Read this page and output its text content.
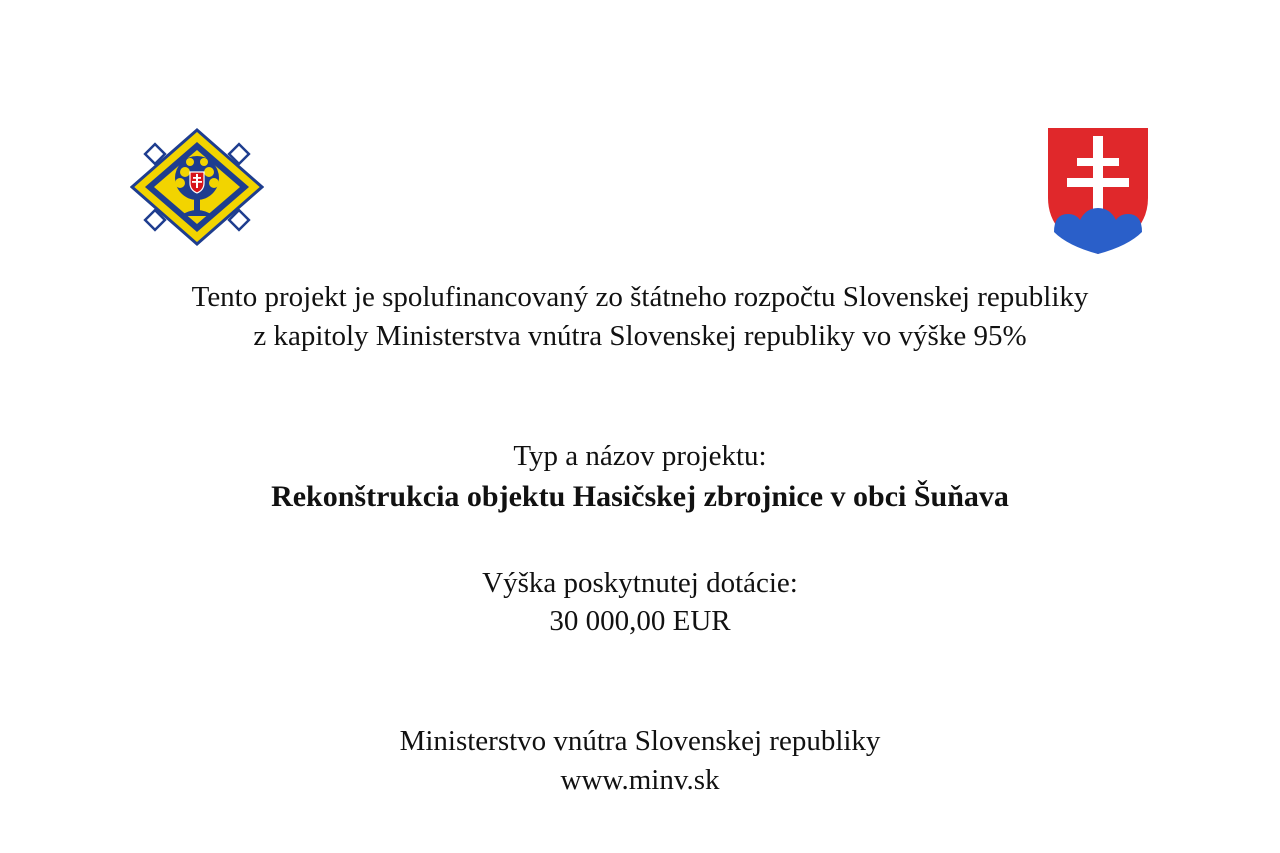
Tento projekt je spolufinancovaný zo štátneho rozpočtu Slovenskej republiky
z kapitoly Ministerstva vnútra Slovenskej republiky vo výške 95%
Typ a názov projektu:
Rekonštrukcia objektu Hasičskej zbrojnice v obci Šuňava
Výška poskytnutej dotácie:
30 000,00 EUR
Ministerstvo vnútra Slovenskej republiky
www.minv.sk
